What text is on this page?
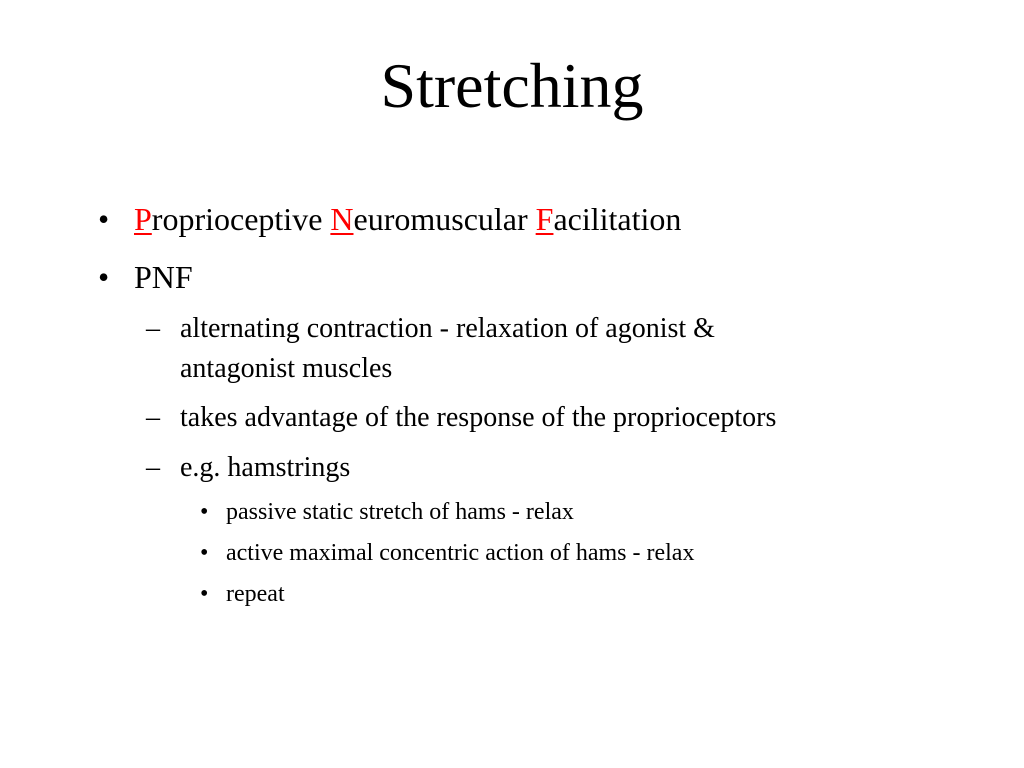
Stretching
• Proprioceptive Neuromuscular Facilitation
• PNF
– alternating contraction - relaxation of agonist &
antagonist muscles
– takes advantage of the response of the proprioceptors
– e.g. hamstrings
• passive static stretch of hams - relax
• active maximal concentric action of hams - relax
• repeat
